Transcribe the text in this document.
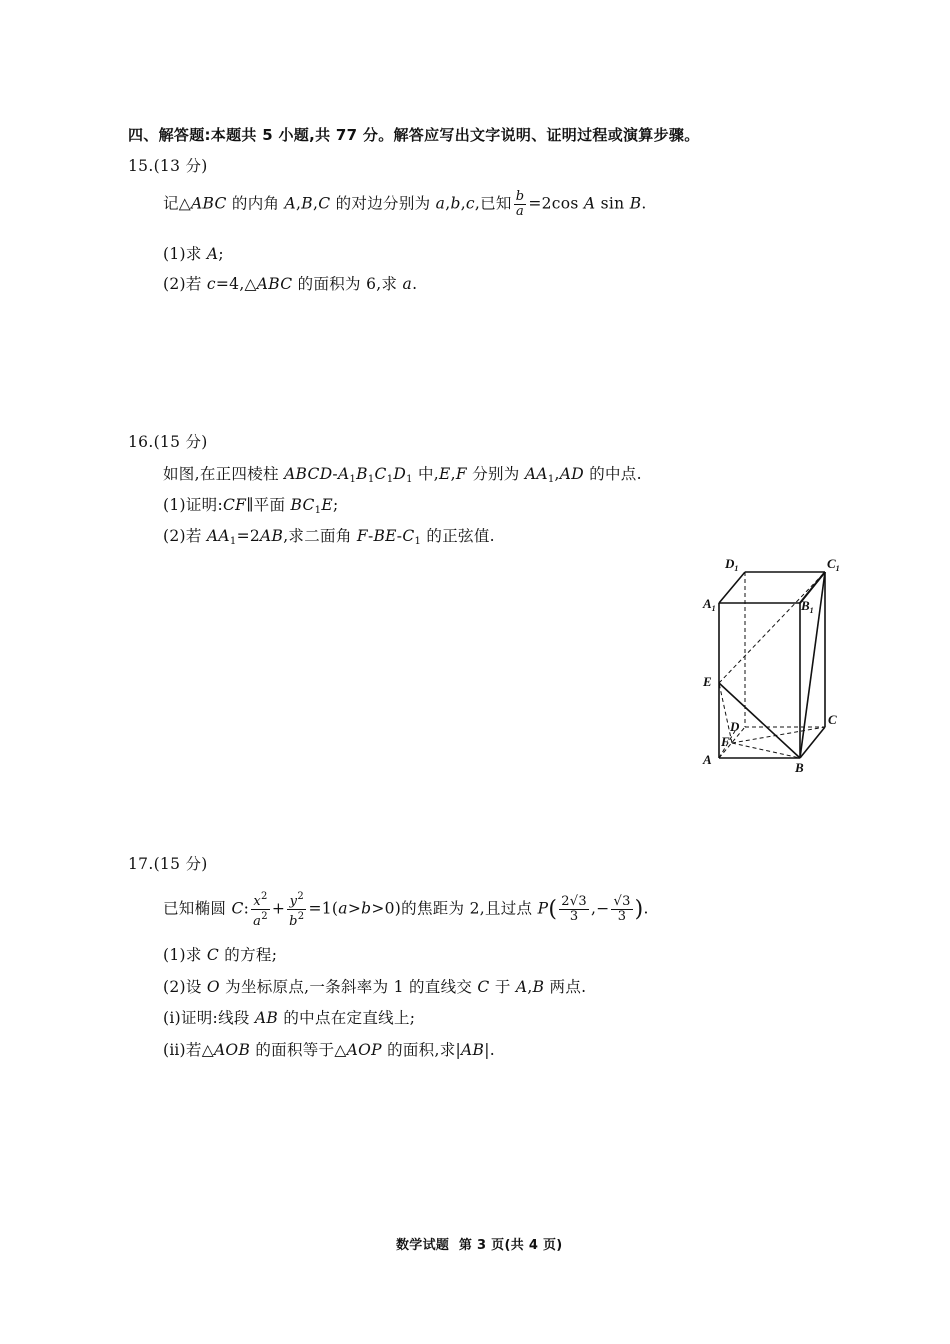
四、解答题:本题共 5 小题,共 77 分。解答应写出文字说明、证明过程或演算步骤。
15.(13 分)
记△ABC 的内角 A,B,C 的对边分别为 a,b,c,已知 $\frac{b}{a} =2\cos$ A sin B.
(1)求 A;
(2)若 c=4,△ABC 的面积为 6,求 a.
16.(15 分)
如图,在正四棱柱 ABCD-$A_1B_1C_1D_1$ 中,E,F 分别为 $AA_1,AD$ 的中点.
(1)证明:CF∥平面 $BC_1E$;
(2)若 $AA_1=2AB$,求二面角 $F-BE-C_1$ 的正弦值.
$D_1$	$C_1$
$A_1$	$B_1$
E
D	C
F
A
B
17.(15 分)
已知椭圆 C: $\frac{x^2}{a^2} + \frac{y^2}{b^2} =1(a>b>0)$的焦距为 2,且过点 $P( \frac{2√3}{3}$ ,− $\frac{√3}{3}$ ).
(1)求 C 的方程;
(2)设 O 为坐标原点,一条斜率为 1 的直线交 C 于 A,B 两点.
(ⅰ)证明:线段 AB 的中点在定直线上;
(ⅱ)若△AOB 的面积等于△AOP 的面积,求|AB|.
数学试题 第 3 页(共 4 页)
